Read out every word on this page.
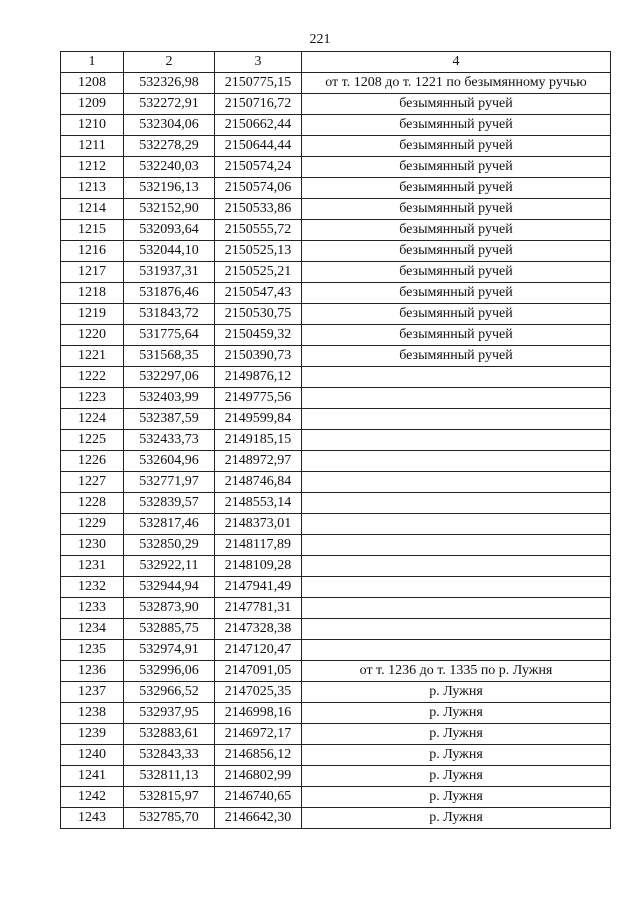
221
1	2	3	4
1208	532326,98	2150775,15	от т. 1208 до т. 1221 по безымянному ручью
1209	532272,91	2150716,72	безымянный ручей
1210	532304,06	2150662,44	безымянный ручей
1211	532278,29	2150644,44	безымянный ручей
1212	532240,03	2150574,24	безымянный ручей
1213	532196,13	2150574,06	безымянный ручей
1214	532152,90	2150533,86	безымянный ручей
1215	532093,64	2150555,72	безымянный ручей
1216	532044,10	2150525,13	безымянный ручей
1217	531937,31	2150525,21	безымянный ручей
1218	531876,46	2150547,43	безымянный ручей
1219	531843,72	2150530,75	безымянный ручей
1220	531775,64	2150459,32	безымянный ручей
1221	531568,35	2150390,73	безымянный ручей
1222	532297,06	2149876,12	
1223	532403,99	2149775,56	
1224	532387,59	2149599,84	
1225	532433,73	2149185,15	
1226	532604,96	2148972,97	
1227	532771,97	2148746,84	
1228	532839,57	2148553,14	
1229	532817,46	2148373,01	
1230	532850,29	2148117,89	
1231	532922,11	2148109,28	
1232	532944,94	2147941,49	
1233	532873,90	2147781,31	
1234	532885,75	2147328,38	
1235	532974,91	2147120,47	
1236	532996,06	2147091,05	от т. 1236 до т. 1335 по р. Лужня
1237	532966,52	2147025,35	р. Лужня
1238	532937,95	2146998,16	р. Лужня
1239	532883,61	2146972,17	р. Лужня
1240	532843,33	2146856,12	р. Лужня
1241	532811,13	2146802,99	р. Лужня
1242	532815,97	2146740,65	р. Лужня
1243	532785,70	2146642,30	р. Лужня
